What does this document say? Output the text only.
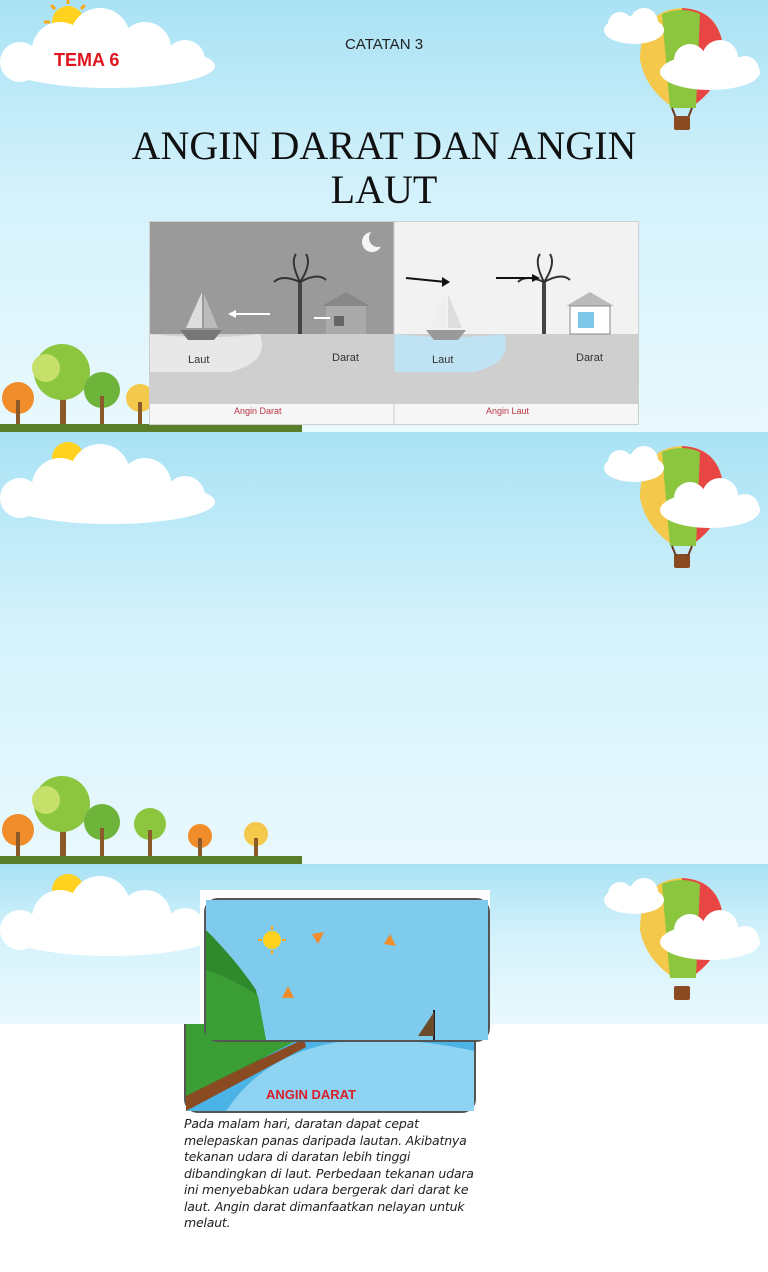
TEMA 6
CATATAN 3
ANGIN DARAT DAN ANGIN LAUT
Laut	Darat
Angin Darat
Laut	Darat
Angin Laut
ANGIN DARAT
Pada malam hari, daratan dapat cepat melepaskan panas daripada lautan. Akibatnya tekanan udara di daratan lebih tinggi dibandingkan di laut. Perbedaan tekanan udara ini menyebabkan udara bergerak dari darat ke laut. Angin darat dimanfaatkan nelayan untuk melaut.
